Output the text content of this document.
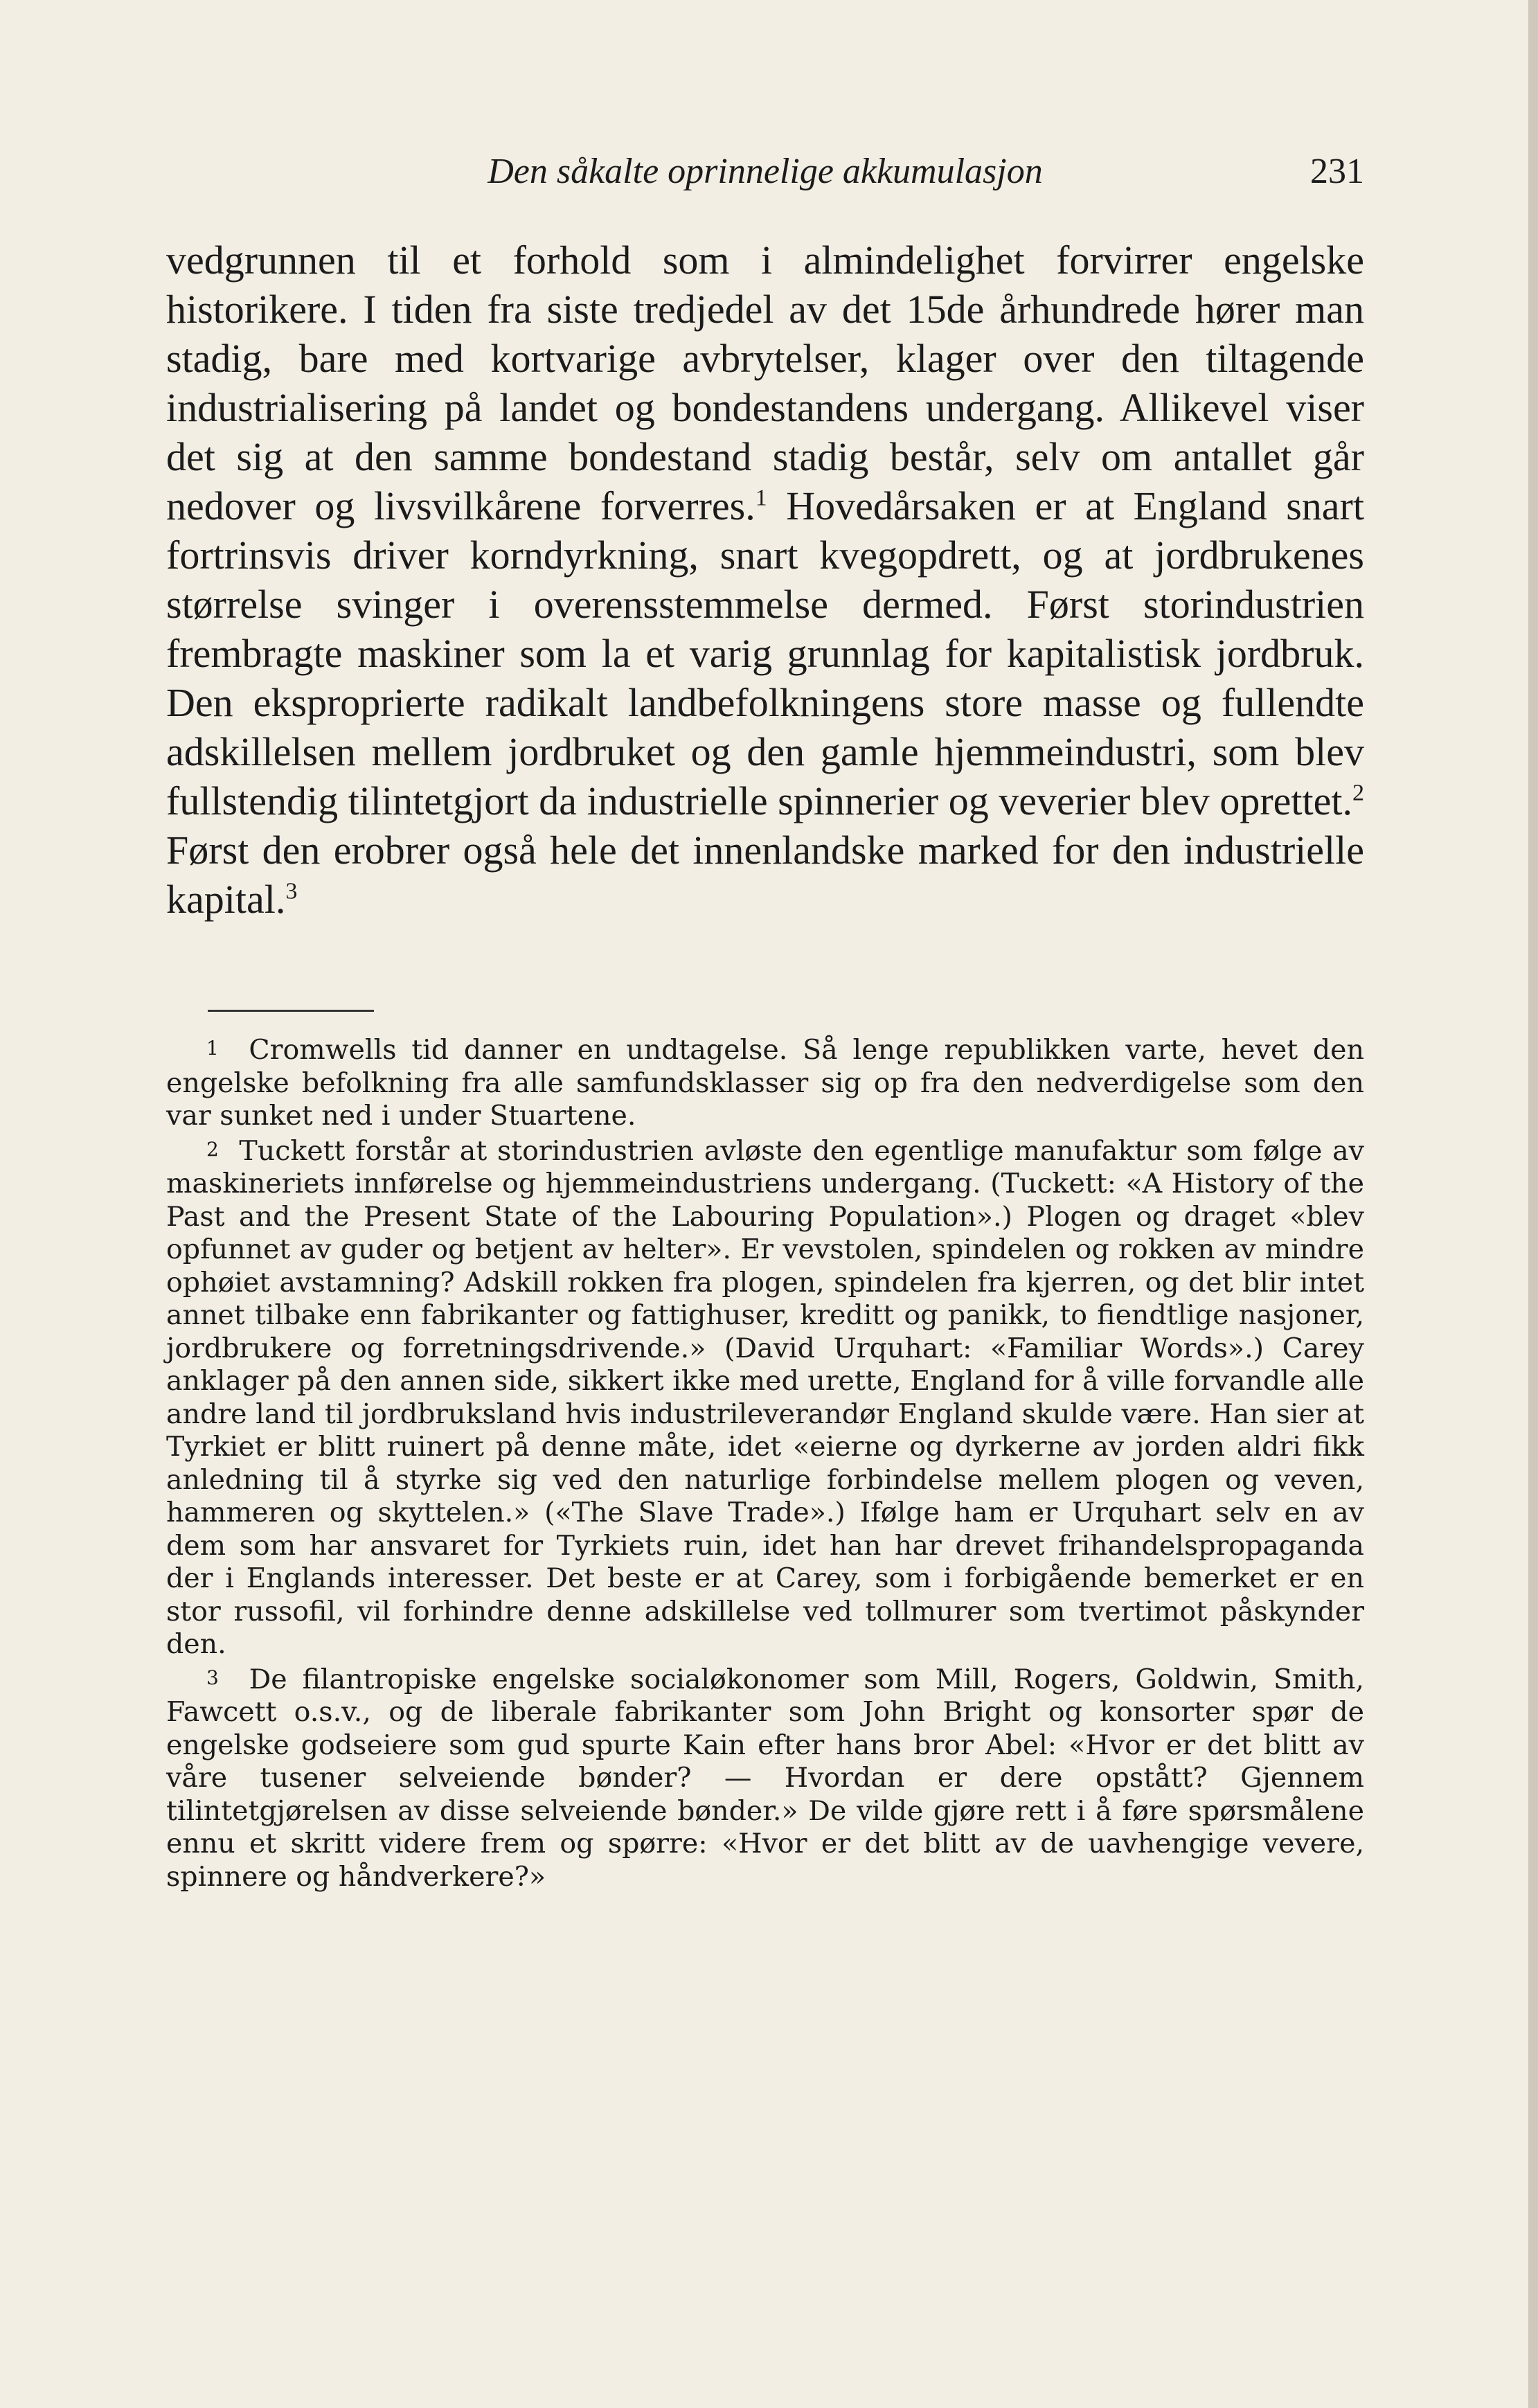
Den såkalte oprinnelige akkumulasjon	231

vedgrunnen til et forhold som i almindelighet forvirrer engelske historikere. I tiden fra siste tredjedel av det 15de århundrede hører man stadig, bare med kortvarige avbrytelser, klager over den tiltagende industrialisering på landet og bondestandens undergang. Allikevel viser det sig at den samme bondestand stadig består, selv om antallet går nedover og livsvilkårene forverres.$^1$ Hovedårsaken er at England snart fortrinsvis driver korndyrkning, snart kvegopdrett, og at jordbrukenes størrelse svinger i overensstemmelse dermed. Først storindustrien frembragte maskiner som la et varig grunnlag for kapitalistisk jordbruk. Den eksproprierte radikalt landbefolkningens store masse og fullendte adskillelsen mellem jordbruket og den gamle hjemmeindustri, som blev fullstendig tilintetgjort da industrielle spinnerier og veverier blev oprettet.$^2$ Først den erobrer også hele det innenlandske marked for den industrielle kapital.$^3$

1 Cromwells tid danner en undtagelse. Så lenge republikken varte, hevet den engelske befolkning fra alle samfundsklasser sig op fra den nedverdigelse som den var sunket ned i under Stuartene.

2 Tuckett forstår at storindustrien avløste den egentlige manufaktur som følge av maskineriets innførelse og hjemmeindustriens undergang. (Tuckett: «A History of the Past and the Present State of the Labouring Population».) Plogen og draget «blev opfunnet av guder og betjent av helter». Er vevstolen, spindelen og rokken av mindre ophøiet avstamning? Adskill rokken fra plogen, spindelen fra kjerren, og det blir intet annet tilbake enn fabrikanter og fattighuser, kreditt og panikk, to fiendtlige nasjoner, jordbrukere og forretningsdrivende.» (David Urquhart: «Familiar Words».) Carey anklager på den annen side, sikkert ikke med urette, England for å ville forvandle alle andre land til jordbruksland hvis industrileverandør England skulde være. Han sier at Tyrkiet er blitt ruinert på denne måte, idet «eierne og dyrkerne av jorden aldri fikk anledning til å styrke sig ved den naturlige forbindelse mellem plogen og veven, hammeren og skyttelen.» («The Slave Trade».) Ifølge ham er Urquhart selv en av dem som har ansvaret for Tyrkiets ruin, idet han har drevet frihandelspropaganda der i Englands interesser. Det beste er at Carey, som i forbigående bemerket er en stor russofil, vil forhindre denne adskillelse ved tollmurer som tvertimot påskynder den.

3 De filantropiske engelske socialøkonomer som Mill, Rogers, Goldwin, Smith, Fawcett o.s.v., og de liberale fabrikanter som John Bright og konsorter spør de engelske godseiere som gud spurte Kain efter hans bror Abel: «Hvor er det blitt av våre tusener selveiende bønder? — Hvordan er dere opstått? Gjennem tilintetgjørelsen av disse selveiende bønder.» De vilde gjøre rett i å føre spørsmålene ennu et skritt videre frem og spørre: «Hvor er det blitt av de uavhengige vevere, spinnere og håndverkere?»
